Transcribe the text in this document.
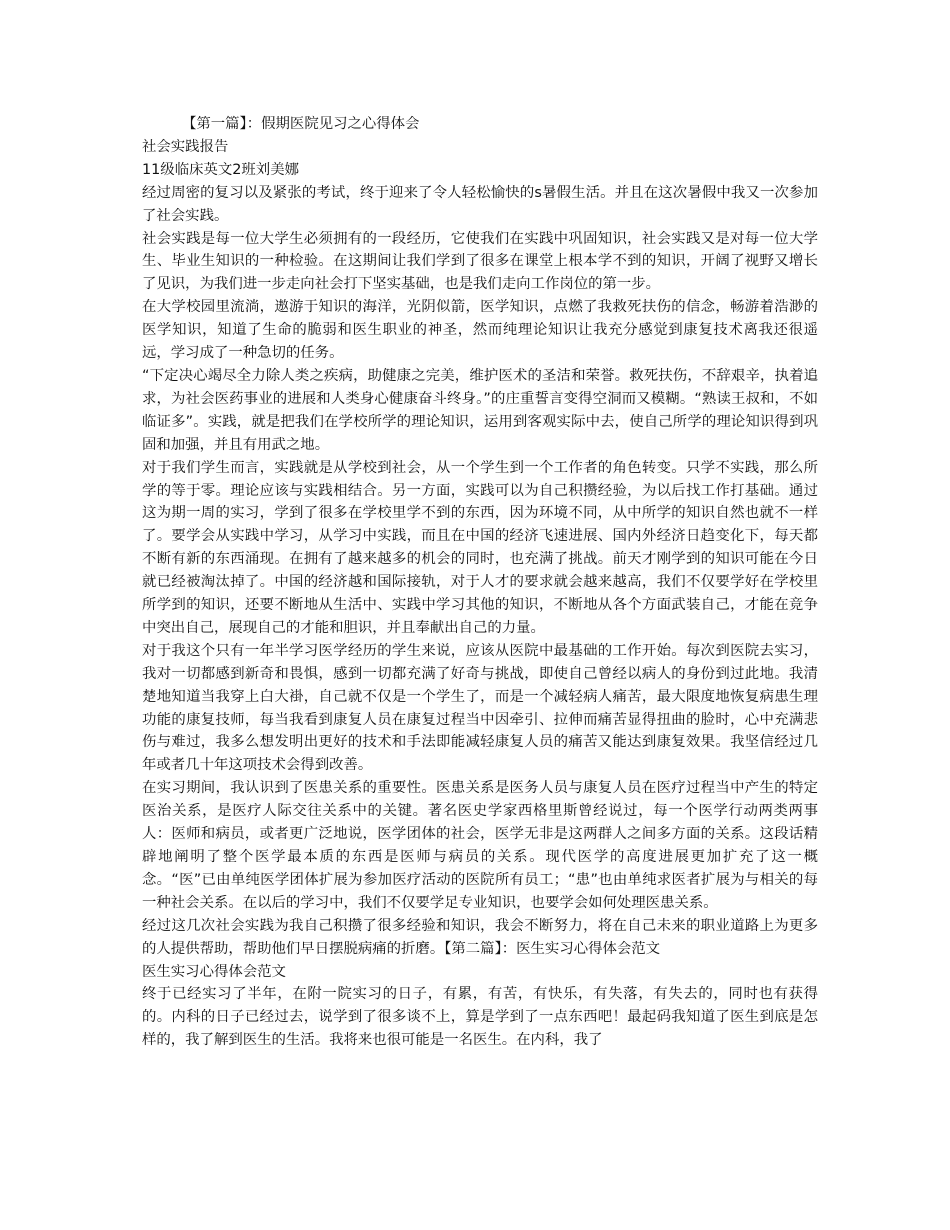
【第一篇】：假期医院见习之心得体会

社会实践报告

11级临床英文2班刘美娜

经过周密的复习以及紧张的考试，终于迎来了令人轻松愉快的s暑假生活。并且在这次暑假中我又一次参加了社会实践。

社会实践是每一位大学生必须拥有的一段经历，它使我们在实践中巩固知识，社会实践又是对每一位大学生、毕业生知识的一种检验。在这期间让我们学到了很多在课堂上根本学不到的知识，开阔了视野又增长了见识，为我们进一步走向社会打下坚实基础，也是我们走向工作岗位的第一步。

在大学校园里流淌，遨游于知识的海洋，光阴似箭，医学知识，点燃了我救死扶伤的信念，畅游着浩渺的医学知识，知道了生命的脆弱和医生职业的神圣，然而纯理论知识让我充分感觉到康复技术离我还很遥远，学习成了一种急切的任务。

“下定决心竭尽全力除人类之疾病，助健康之完美，维护医术的圣洁和荣誉。救死扶伤，不辞艰辛，执着追求，为社会医药事业的进展和人类身心健康奋斗终身。”的庄重誓言变得空洞而又模糊。“熟读王叔和，不如临证多”。实践，就是把我们在学校所学的理论知识，运用到客观实际中去，使自己所学的理论知识得到巩固和加强，并且有用武之地。

对于我们学生而言，实践就是从学校到社会，从一个学生到一个工作者的角色转变。只学不实践，那么所学的等于零。理论应该与实践相结合。另一方面，实践可以为自己积攒经验，为以后找工作打基础。通过这为期一周的实习，学到了很多在学校里学不到的东西，因为环境不同，从中所学的知识自然也就不一样了。要学会从实践中学习，从学习中实践，而且在中国的经济飞速进展、国内外经济日趋变化下，每天都不断有新的东西涌现。在拥有了越来越多的机会的同时，也充满了挑战。前天才刚学到的知识可能在今日就已经被淘汰掉了。中国的经济越和国际接轨，对于人才的要求就会越来越高，我们不仅要学好在学校里所学到的知识，还要不断地从生活中、实践中学习其他的知识，不断地从各个方面武装自己，才能在竞争中突出自己，展现自己的才能和胆识，并且奉献出自己的力量。

对于我这个只有一年半学习医学经历的学生来说，应该从医院中最基础的工作开始。每次到医院去实习，我对一切都感到新奇和畏惧，感到一切都充满了好奇与挑战，即使自己曾经以病人的身份到过此地。我清楚地知道当我穿上白大褂，自己就不仅是一个学生了，而是一个减轻病人痛苦，最大限度地恢复病患生理功能的康复技师，每当我看到康复人员在康复过程当中因牵引、拉伸而痛苦显得扭曲的脸时，心中充满悲伤与难过，我多么想发明出更好的技术和手法即能减轻康复人员的痛苦又能达到康复效果。我坚信经过几年或者几十年这项技术会得到改善。

在实习期间，我认识到了医患关系的重要性。医患关系是医务人员与康复人员在医疗过程当中产生的特定医治关系，是医疗人际交往关系中的关键。著名医史学家西格里斯曾经说过，每一个医学行动两类两事人：医师和病员，或者更广泛地说，医学团体的社会，医学无非是这两群人之间多方面的关系。这段话精辟地阐明了整个医学最本质的东西是医师与病员的关系。现代医学的高度进展更加扩充了这一概念。“医”已由单纯医学团体扩展为参加医疗活动的医院所有员工；“患”也由单纯求医者扩展为与相关的每一种社会关系。在以后的学习中，我们不仅要学足专业知识，也要学会如何处理医患关系。

经过这几次社会实践为我自己积攒了很多经验和知识，我会不断努力，将在自己未来的职业道路上为更多的人提供帮助，帮助他们早日摆脱病痛的折磨。【第二篇】：医生实习心得体会范文

医生实习心得体会范文

终于已经实习了半年，在附一院实习的日子，有累，有苦，有快乐，有失落，有失去的，同时也有获得的。内科的日子已经过去，说学到了很多谈不上，算是学到了一点东西吧！最起码我知道了医生到底是怎样的，我了解到医生的生活。我将来也很可能是一名医生。在内科，我了
